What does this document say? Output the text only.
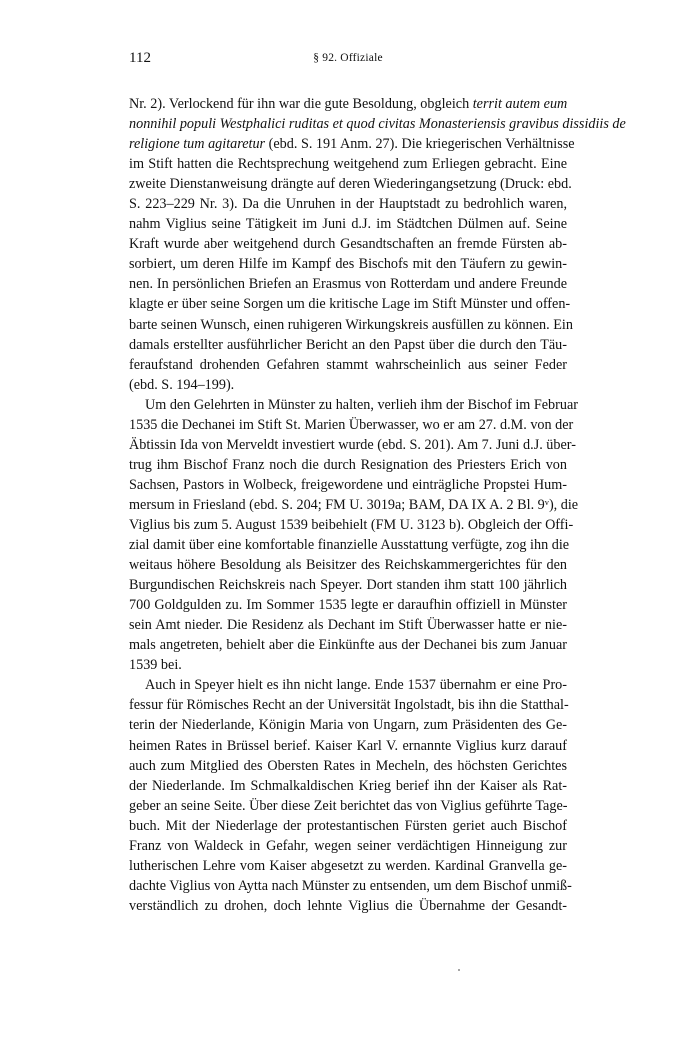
112	§ 92. Offiziale
Nr. 2). Verlockend für ihn war die gute Besoldung, obgleich territ autem eum
nonnihil populi Westphalici ruditas et quod civitas Monasteriensis gravibus dissidiis de
religione tum agitaretur (ebd. S. 191 Anm. 27). Die kriegerischen Verhältnisse
im Stift hatten die Rechtsprechung weitgehend zum Erliegen gebracht. Eine
zweite Dienstanweisung drängte auf deren Wiederingangsetzung (Druck: ebd.
S. 223–229 Nr. 3). Da die Unruhen in der Hauptstadt zu bedrohlich waren,
nahm Viglius seine Tätigkeit im Juni d.J. im Städtchen Dülmen auf. Seine
Kraft wurde aber weitgehend durch Gesandtschaften an fremde Fürsten ab-
sorbiert, um deren Hilfe im Kampf des Bischofs mit den Täufern zu gewin-
nen. In persönlichen Briefen an Erasmus von Rotterdam und andere Freunde
klagte er über seine Sorgen um die kritische Lage im Stift Münster und offen-
barte seinen Wunsch, einen ruhigeren Wirkungskreis ausfüllen zu können. Ein
damals erstellter ausführlicher Bericht an den Papst über die durch den Täu-
feraufstand drohenden Gefahren stammt wahrscheinlich aus seiner Feder
(ebd. S. 194–199).
Um den Gelehrten in Münster zu halten, verlieh ihm der Bischof im Februar
1535 die Dechanei im Stift St. Marien Überwasser, wo er am 27. d.M. von der
Äbtissin Ida von Merveldt investiert wurde (ebd. S. 201). Am 7. Juni d.J. über-
trug ihm Bischof Franz noch die durch Resignation des Priesters Erich von
Sachsen, Pastors in Wolbeck, freigewordene und einträgliche Propstei Hum-
mersum in Friesland (ebd. S. 204; FM U. 3019a; BAM, DA IX A. 2 Bl. 9ᵛ), die
Viglius bis zum 5. August 1539 beibehielt (FM U. 3123 b). Obgleich der Offi-
zial damit über eine komfortable finanzielle Ausstattung verfügte, zog ihn die
weitaus höhere Besoldung als Beisitzer des Reichskammergerichtes für den
Burgundischen Reichskreis nach Speyer. Dort standen ihm statt 100 jährlich
700 Goldgulden zu. Im Sommer 1535 legte er daraufhin offiziell in Münster
sein Amt nieder. Die Residenz als Dechant im Stift Überwasser hatte er nie-
mals angetreten, behielt aber die Einkünfte aus der Dechanei bis zum Januar
1539 bei.
Auch in Speyer hielt es ihn nicht lange. Ende 1537 übernahm er eine Pro-
fessur für Römisches Recht an der Universität Ingolstadt, bis ihn die Statthal-
terin der Niederlande, Königin Maria von Ungarn, zum Präsidenten des Ge-
heimen Rates in Brüssel berief. Kaiser Karl V. ernannte Viglius kurz darauf
auch zum Mitglied des Obersten Rates in Mecheln, des höchsten Gerichtes
der Niederlande. Im Schmalkaldischen Krieg berief ihn der Kaiser als Rat-
geber an seine Seite. Über diese Zeit berichtet das von Viglius geführte Tage-
buch. Mit der Niederlage der protestantischen Fürsten geriet auch Bischof
Franz von Waldeck in Gefahr, wegen seiner verdächtigen Hinneigung zur
lutherischen Lehre vom Kaiser abgesetzt zu werden. Kardinal Granvella ge-
dachte Viglius von Aytta nach Münster zu entsenden, um dem Bischof unmiß-
verständlich zu drohen, doch lehnte Viglius die Übernahme der Gesandt-
